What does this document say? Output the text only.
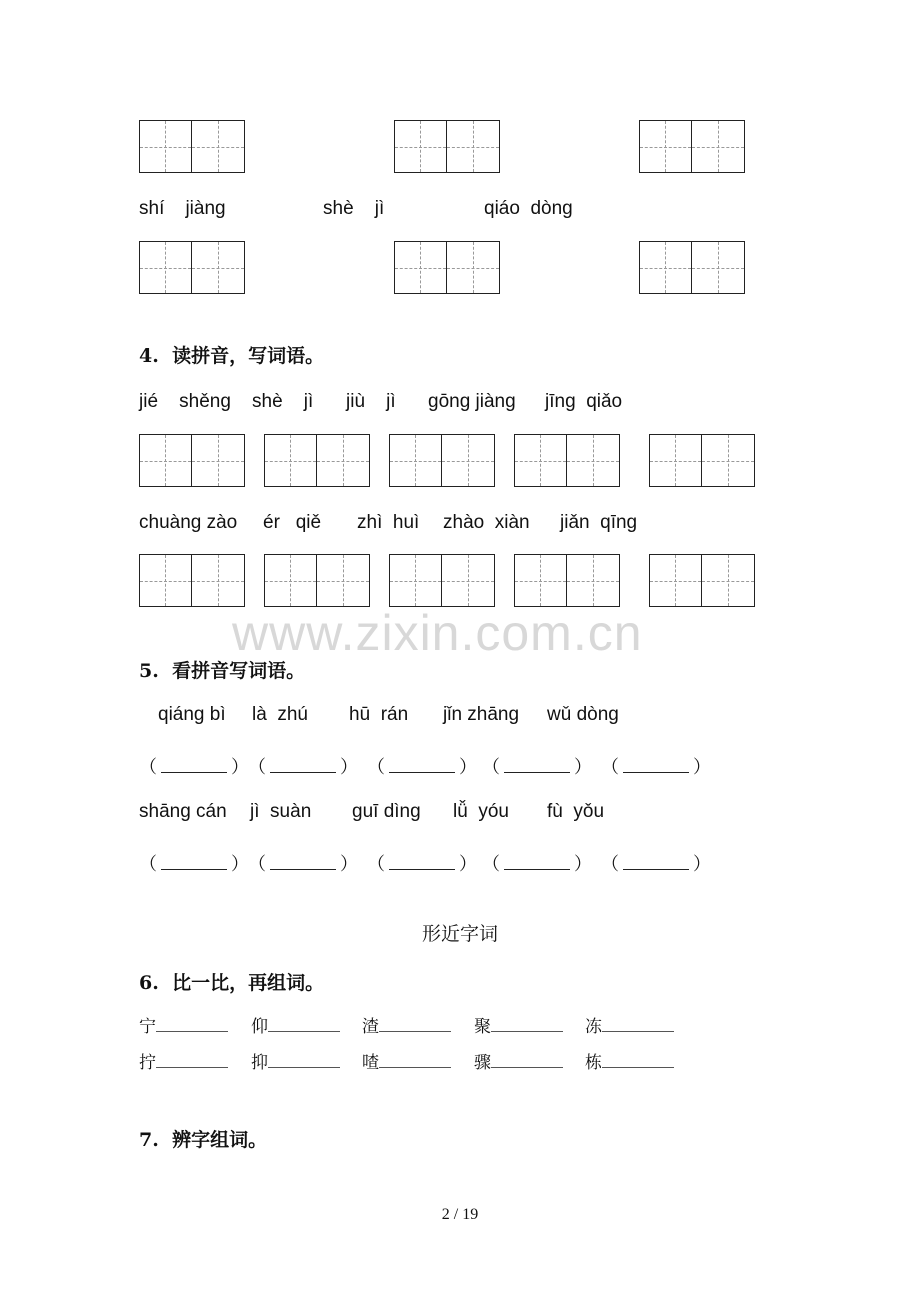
shí    jiàng	shè    jì	qiáo  dòng
4.  读拼音，写词语。
jié    shěng shè    jì jiù    jì gōng jiàng jīng  qiǎo
chuàng zào ér   qiě zhì  huì zhào  xiàn jiǎn  qīng
www.zixin.com.cn
5.  看拼音写词语。
qiáng bì là  zhú hū  rán jǐn zhāng wǔ dòng
（	） （	） （	） （	） （	）
shāng cán jì  suàn guī dìng lǚ  yóu fù  yǒu
（	） （	） （	） （	） （	）
形近字词
6.  比一比，再组词。
宁	仰	渣	聚	冻
拧	抑	喳	骤	栋
7.  辨字组词。
2 / 19
